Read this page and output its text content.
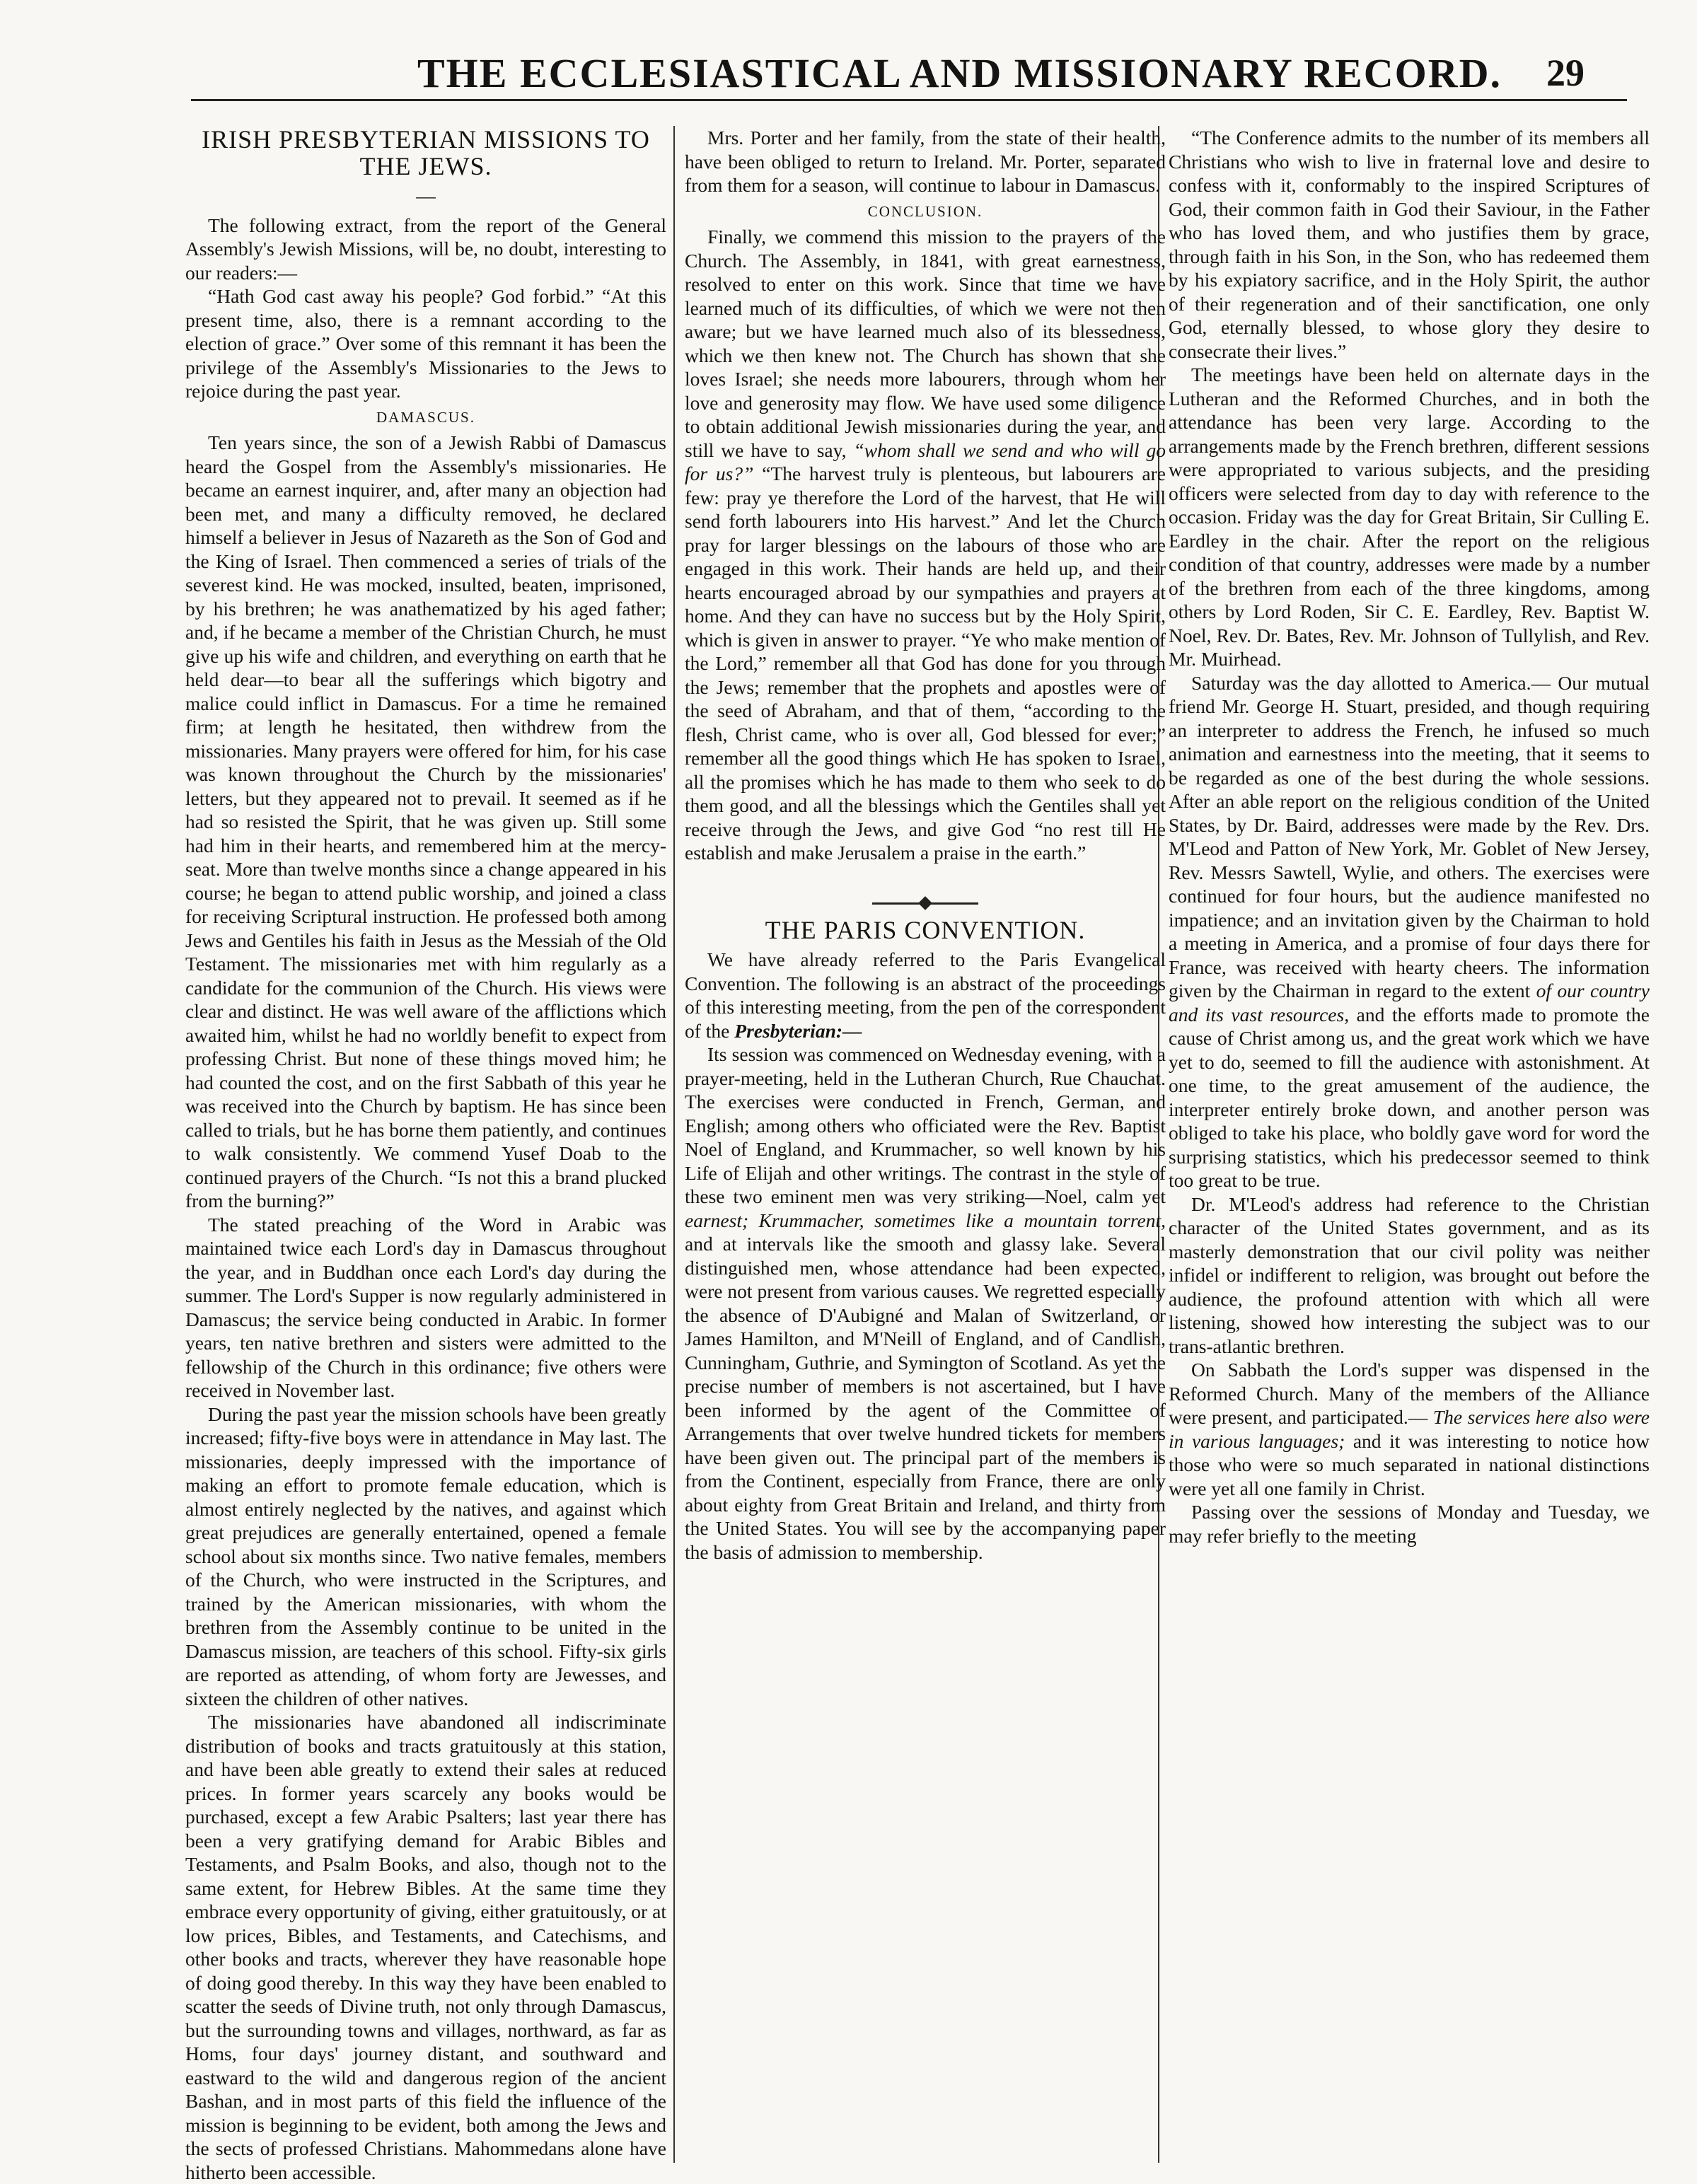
THE ECCLESIASTICAL AND MISSIONARY RECORD. 29
IRISH PRESBYTERIAN MISSIONS TO THE JEWS.
—

The following extract, from the report of the General Assembly's Jewish Missions, will be, no doubt, interesting to our readers:—

“Hath God cast away his people? God forbid.” “At this present time, also, there is a remnant according to the election of grace.” Over some of this remnant it has been the privilege of the Assembly's Missionaries to the Jews to rejoice during the past year.

DAMASCUS.

Ten years since, the son of a Jewish Rabbi of Damascus heard the Gospel from the Assembly's missionaries. He became an earnest inquirer, and, after many an objection had been met, and many a difficulty removed, he declared himself a believer in Jesus of Nazareth as the Son of God and the King of Israel. Then commenced a series of trials of the severest kind. He was mocked, insulted, beaten, imprisoned, by his brethren; he was anathematized by his aged father; and, if he became a member of the Christian Church, he must give up his wife and children, and everything on earth that he held dear—to bear all the sufferings which bigotry and malice could inflict in Damascus. For a time he remained firm; at length he hesitated, then withdrew from the missionaries. Many prayers were offered for him, for his case was known throughout the Church by the missionaries' letters, but they appeared not to prevail. It seemed as if he had so resisted the Spirit, that he was given up. Still some had him in their hearts, and remembered him at the mercy-seat. More than twelve months since a change appeared in his course; he began to attend public worship, and joined a class for receiving Scriptural instruction. He professed both among Jews and Gentiles his faith in Jesus as the Messiah of the Old Testament. The missionaries met with him regularly as a candidate for the communion of the Church. His views were clear and distinct. He was well aware of the afflictions which awaited him, whilst he had no worldly benefit to expect from professing Christ. But none of these things moved him; he had counted the cost, and on the first Sabbath of this year he was received into the Church by baptism. He has since been called to trials, but he has borne them patiently, and continues to walk consistently. We commend Yusef Doab to the continued prayers of the Church. “Is not this a brand plucked from the burning?”

The stated preaching of the Word in Arabic was maintained twice each Lord's day in Damascus throughout the year, and in Buddhan once each Lord's day during the summer. The Lord's Supper is now regularly administered in Damascus; the service being conducted in Arabic. In former years, ten native brethren and sisters were admitted to the fellowship of the Church in this ordinance; five others were received in November last.

During the past year the mission schools have been greatly increased; fifty-five boys were in attendance in May last. The missionaries, deeply impressed with the importance of making an effort to promote female education, which is almost entirely neglected by the natives, and against which great prejudices are generally entertained, opened a female school about six months since. Two native females, members of the Church, who were instructed in the Scriptures, and trained by the American missionaries, with whom the brethren from the Assembly continue to be united in the Damascus mission, are teachers of this school. Fifty-six girls are reported as attending, of whom forty are Jewesses, and sixteen the children of other natives.

The missionaries have abandoned all indiscriminate distribution of books and tracts gratuitously at this station, and have been able greatly to extend their sales at reduced prices. In former years scarcely any books would be purchased, except a few Arabic Psalters; last year there has been a very gratifying demand for Arabic Bibles and Testaments, and Psalm Books, and also, though not to the same extent, for Hebrew Bibles. At the same time they embrace every opportunity of giving, either gratuitously, or at low prices, Bibles, and Testaments, and Catechisms, and other books and tracts, wherever they have reasonable hope of doing good thereby. In this way they have been enabled to scatter the seeds of Divine truth, not only through Damascus, but the surrounding towns and villages, northward, as far as Homs, four days' journey distant, and southward and eastward to the wild and dangerous region of the ancient Bashan, and in most parts of this field the influence of the mission is beginning to be evident, both among the Jews and the sects of professed Christians. Mahommedans alone have hitherto been accessible.

Mrs. Porter and her family, from the state of their health, have been obliged to return to Ireland. Mr. Porter, separated from them for a season, will continue to labour in Damascus.

CONCLUSION.

Finally, we commend this mission to the prayers of the Church. The Assembly, in 1841, with great earnestness, resolved to enter on this work. Since that time we have learned much of its difficulties, of which we were not then aware; but we have learned much also of its blessedness, which we then knew not. The Church has shown that she loves Israel; she needs more labourers, through whom her love and generosity may flow. We have used some diligence to obtain additional Jewish missionaries during the year, and still we have to say, “whom shall we send and who will go for us?” “The harvest truly is plenteous, but labourers are few: pray ye therefore the Lord of the harvest, that He will send forth labourers into His harvest.” And let the Church pray for larger blessings on the labours of those who are engaged in this work. Their hands are held up, and their hearts encouraged abroad by our sympathies and prayers at home. And they can have no success but by the Holy Spirit, which is given in answer to prayer. “Ye who make mention of the Lord,” remember all that God has done for you through the Jews; remember that the prophets and apostles were of the seed of Abraham, and that of them, “according to the flesh, Christ came, who is over all, God blessed for ever;” remember all the good things which He has spoken to Israel, all the promises which he has made to them who seek to do them good, and all the blessings which the Gentiles shall yet receive through the Jews, and give God “no rest till He establish and make Jerusalem a praise in the earth.”

THE PARIS CONVENTION.

We have already referred to the Paris Evangelical Convention. The following is an abstract of the proceedings of this interesting meeting, from the pen of the correspondent of the Presbyterian:—

Its session was commenced on Wednesday evening, with a prayer-meeting, held in the Lutheran Church, Rue Chauchat. The exercises were conducted in French, German, and English; among others who officiated were the Rev. Baptist Noel of England, and Krummacher, so well known by his Life of Elijah and other writings. The contrast in the style of these two eminent men was very striking—Noel, calm yet earnest; Krummacher, sometimes like a mountain torrent, and at intervals like the smooth and glassy lake. Several distinguished men, whose attendance had been expected, were not present from various causes. We regretted especially the absence of D'Aubigné and Malan of Switzerland, or James Hamilton, and M'Neill of England, and of Candlish, Cunningham, Guthrie, and Symington of Scotland. As yet the precise number of members is not ascertained, but I have been informed by the agent of the Committee of Arrangements that over twelve hundred tickets for members have been given out. The principal part of the members is from the Continent, especially from France, there are only about eighty from Great Britain and Ireland, and thirty from the United States. You will see by the accompanying paper the basis of admission to membership.

“The Conference admits to the number of its members all Christians who wish to live in fraternal love and desire to confess with it, conformably to the inspired Scriptures of God, their common faith in God their Saviour, in the Father who has loved them, and who justifies them by grace, through faith in his Son, in the Son, who has redeemed them by his expiatory sacrifice, and in the Holy Spirit, the author of their regeneration and of their sanctification, one only God, eternally blessed, to whose glory they desire to consecrate their lives.”

The meetings have been held on alternate days in the Lutheran and the Reformed Churches, and in both the attendance has been very large. According to the arrangements made by the French brethren, different sessions were appropriated to various subjects, and the presiding officers were selected from day to day with reference to the occasion. Friday was the day for Great Britain, Sir Culling E. Eardley in the chair. After the report on the religious condition of that country, addresses were made by a number of the brethren from each of the three kingdoms, among others by Lord Roden, Sir C. E. Eardley, Rev. Baptist W. Noel, Rev. Dr. Bates, Rev. Mr. Johnson of Tullylish, and Rev. Mr. Muirhead.

Saturday was the day allotted to America.— Our mutual friend Mr. George H. Stuart, presided, and though requiring an interpreter to address the French, he infused so much animation and earnestness into the meeting, that it seems to be regarded as one of the best during the whole sessions. After an able report on the religious condition of the United States, by Dr. Baird, addresses were made by the Rev. Drs. M'Leod and Patton of New York, Mr. Goblet of New Jersey, Rev. Messrs Sawtell, Wylie, and others. The exercises were continued for four hours, but the audience manifested no impatience; and an invitation given by the Chairman to hold a meeting in America, and a promise of four days there for France, was received with hearty cheers. The information given by the Chairman in regard to the extent of our country and its vast resources, and the efforts made to promote the cause of Christ among us, and the great work which we have yet to do, seemed to fill the audience with astonishment. At one time, to the great amusement of the audience, the interpreter entirely broke down, and another person was obliged to take his place, who boldly gave word for word the surprising statistics, which his predecessor seemed to think too great to be true.

Dr. M'Leod's address had reference to the Christian character of the United States government, and as its masterly demonstration that our civil polity was neither infidel or indifferent to religion, was brought out before the audience, the profound attention with which all were listening, showed how interesting the subject was to our trans-atlantic brethren.

On Sabbath the Lord's supper was dispensed in the Reformed Church. Many of the members of the Alliance were present, and participated.— The services here also were in various languages; and it was interesting to notice how those who were so much separated in national distinctions were yet all one family in Christ.

Passing over the sessions of Monday and Tuesday, we may refer briefly to the meeting
